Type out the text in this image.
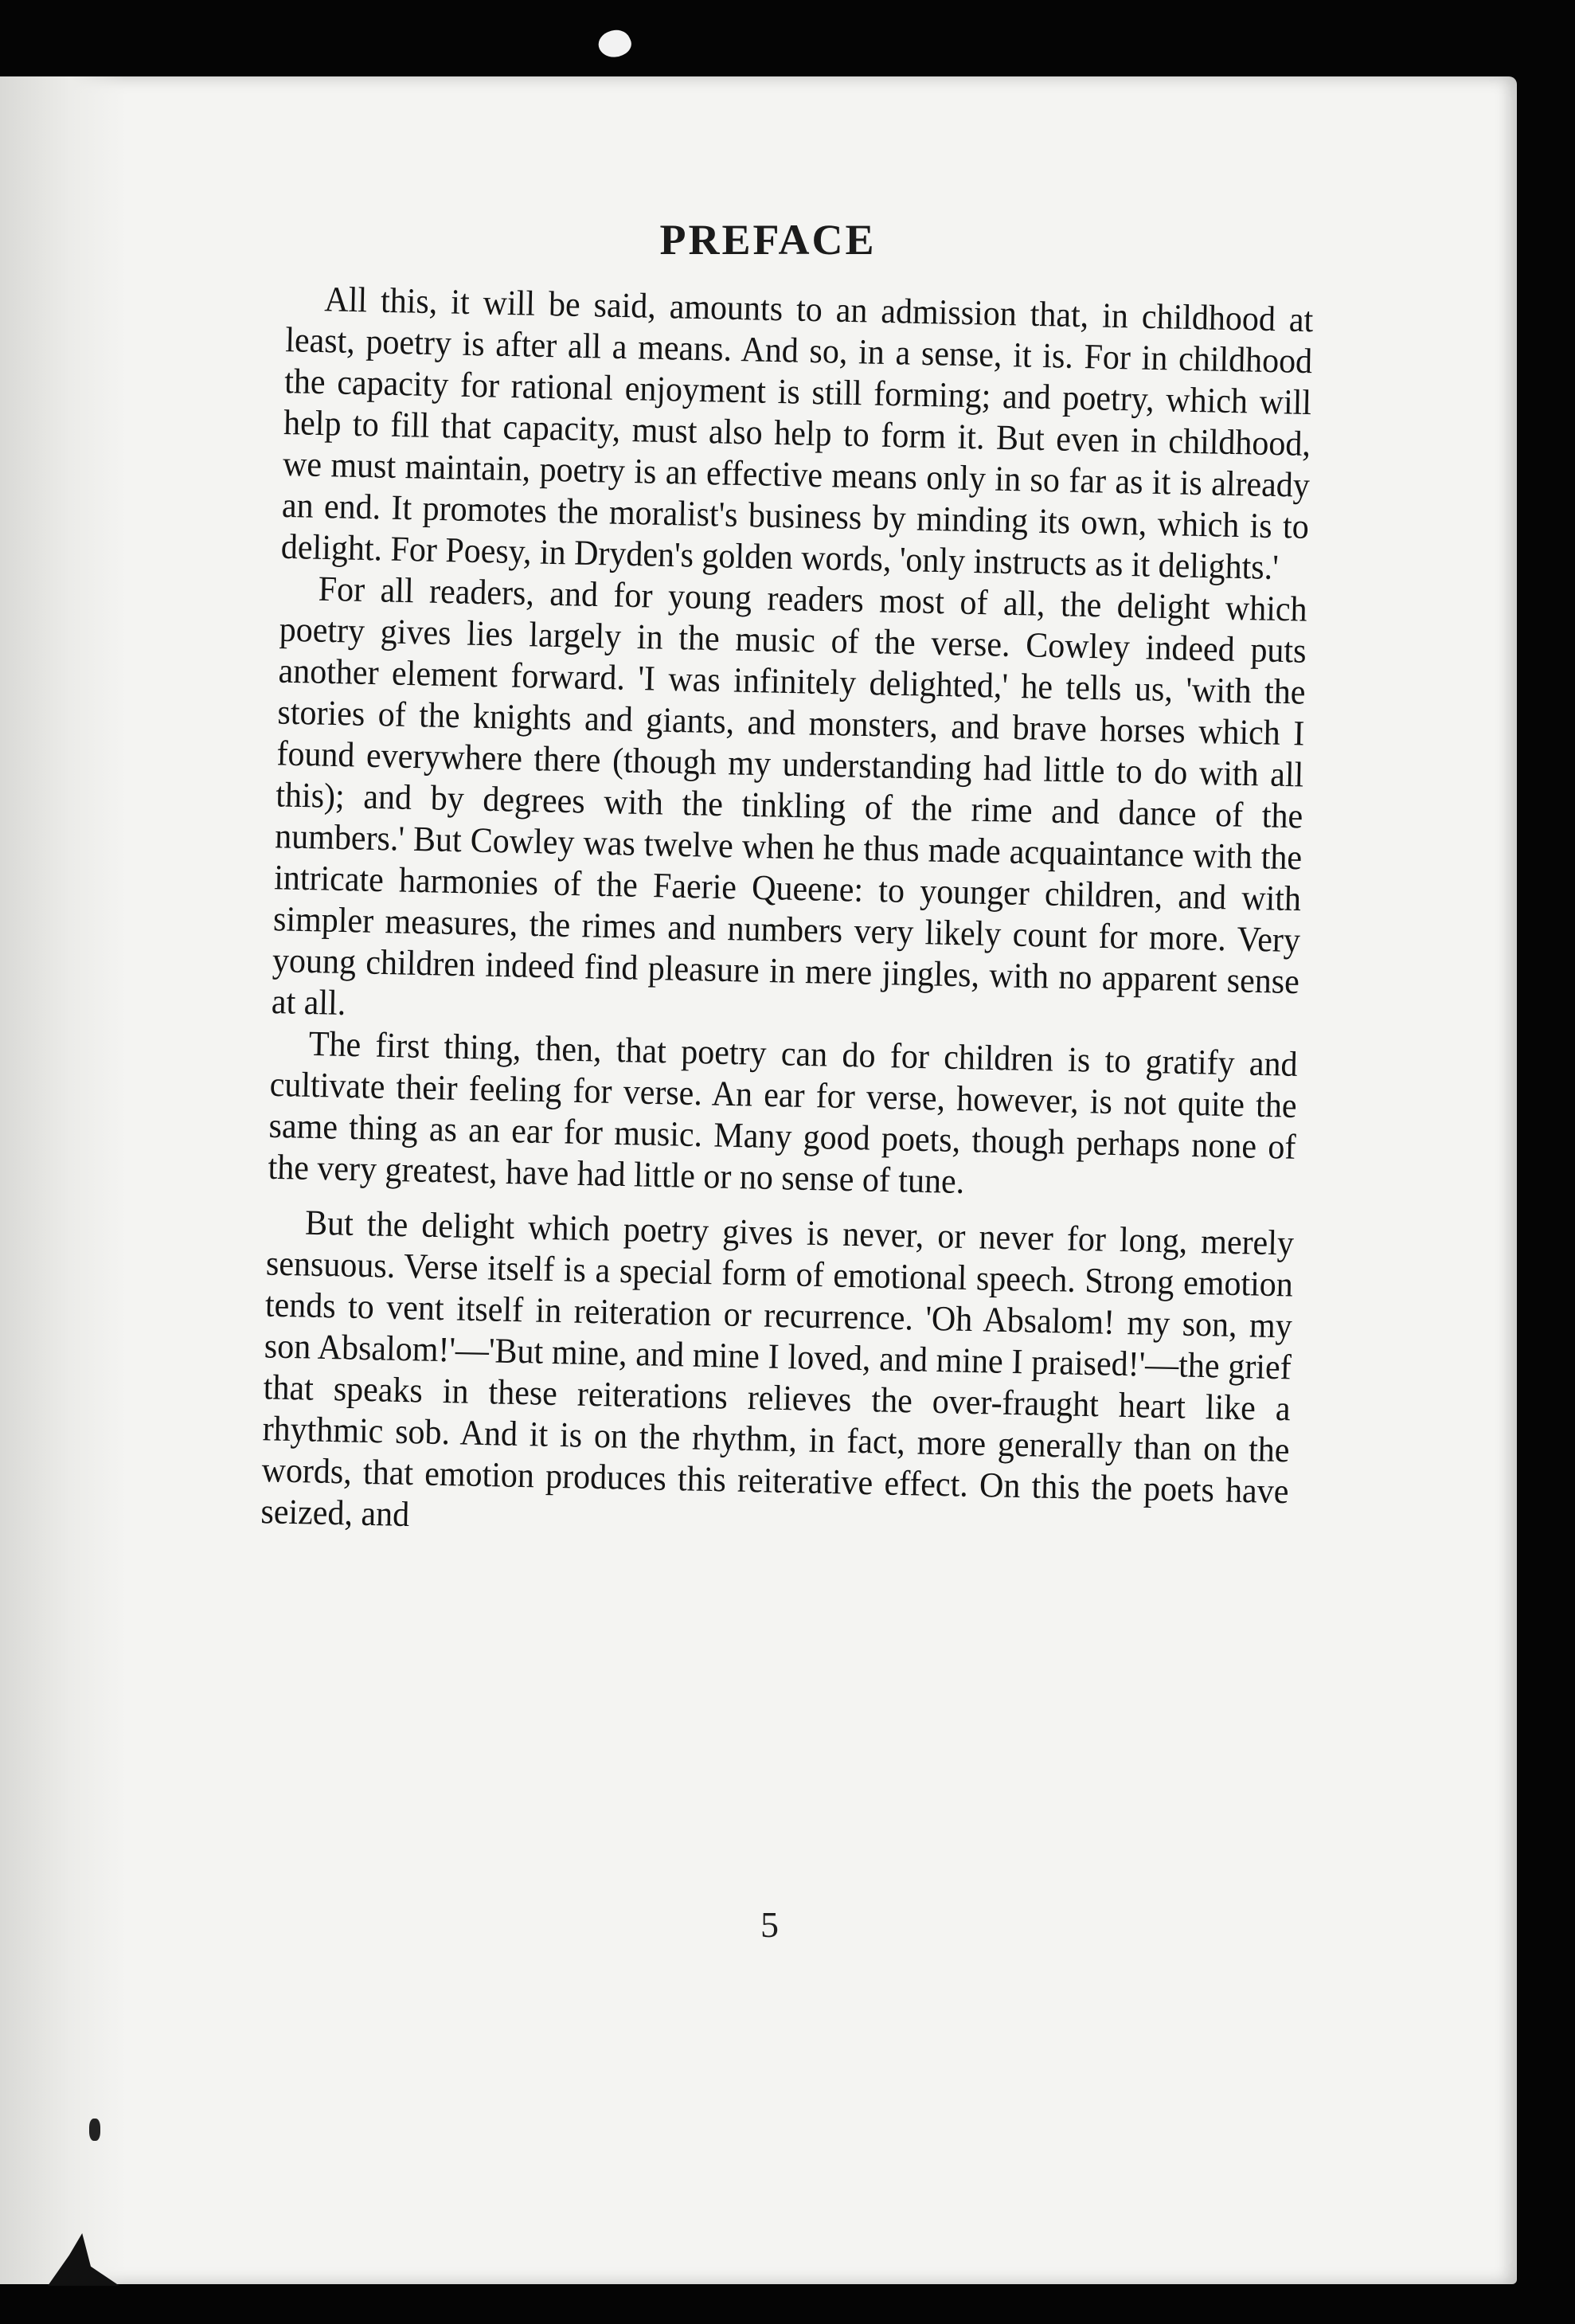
PREFACE

All this, it will be said, amounts to an admission that, in childhood at least, poetry is after all a means. And so, in a sense, it is. For in childhood the capacity for rational enjoyment is still forming; and poetry, which will help to fill that capacity, must also help to form it. But even in childhood, we must maintain, poetry is an effective means only in so far as it is already an end. It promotes the moralist's business by minding its own, which is to delight. For Poesy, in Dryden's golden words, 'only instructs as it delights.'

For all readers, and for young readers most of all, the delight which poetry gives lies largely in the music of the verse. Cowley indeed puts another element forward. 'I was infinitely delighted,' he tells us, 'with the stories of the knights and giants, and monsters, and brave horses which I found everywhere there (though my understanding had little to do with all this); and by degrees with the tinkling of the rime and dance of the numbers.' But Cowley was twelve when he thus made acquaintance with the intricate harmonies of the Faerie Queene: to younger children, and with simpler measures, the rimes and numbers very likely count for more. Very young children indeed find pleasure in mere jingles, with no apparent sense at all.

The first thing, then, that poetry can do for children is to gratify and cultivate their feeling for verse. An ear for verse, however, is not quite the same thing as an ear for music. Many good poets, though perhaps none of the very greatest, have had little or no sense of tune.

But the delight which poetry gives is never, or never for long, merely sensuous. Verse itself is a special form of emotional speech. Strong emotion tends to vent itself in reiteration or recurrence. 'Oh Absalom! my son, my son Absalom!'—'But mine, and mine I loved, and mine I praised!'—the grief that speaks in these reiterations relieves the over-fraught heart like a rhythmic sob. And it is on the rhythm, in fact, more generally than on the words, that emotion produces this reiterative effect. On this the poets have seized, and

5
